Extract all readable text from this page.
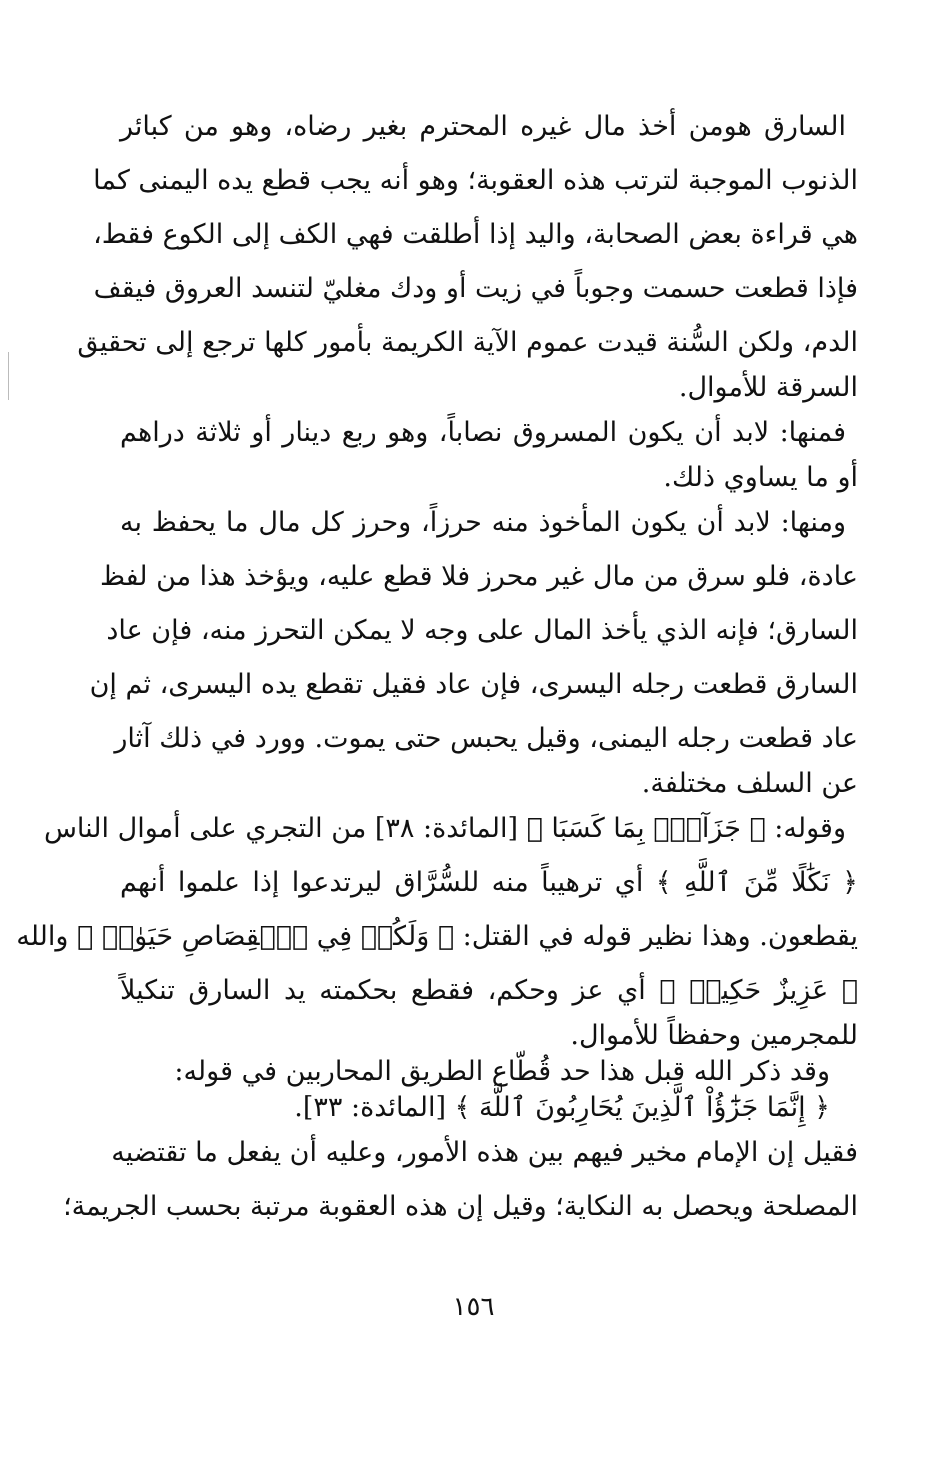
السارق هومن أخذ مال غيره المحترم بغير رضاه، وهو من كبائر
الذنوب الموجبة لترتب هذه العقوبة؛ وهو أنه يجب قطع يده اليمنى كما
هي قراءة بعض الصحابة، واليد إذا أطلقت فهي الكف إلى الكوع فقط،
فإذا قطعت حسمت وجوباً في زيت أو ودك مغليّ لتنسد العروق فيقف
الدم، ولكن السُّنة قيدت عموم الآية الكريمة بأمور كلها ترجع إلى تحقيق
السرقة للأموال.
فمنها: لابد أن يكون المسروق نصاباً، وهو ربع دينار أو ثلاثة دراهم
أو ما يساوي ذلك.
ومنها: لابد أن يكون المأخوذ منه حرزاً، وحرز كل مال ما يحفظ به
عادة، فلو سرق من مال غير محرز فلا قطع عليه، ويؤخذ هذا من لفظ
السارق؛ فإنه الذي يأخذ المال على وجه لا يمكن التحرز منه، فإن عاد
السارق قطعت رجله اليسرى، فإن عاد فقيل تقطع يده اليسرى، ثم إن
عاد قطعت رجله اليمنى، وقيل يحبس حتى يموت. وورد في ذلك آثار
عن السلف مختلفة.
وقوله: ﴿ جَزَآءَۢ بِمَا كَسَبَا ﴾ [المائدة: ٣٨] من التجري على أموال الناس
﴿ نَكَٰلًا مِّنَ ٱللَّهِ ﴾ أي ترهيباً منه للسُّرَّاق ليرتدعوا إذا علموا أنهم
يقطعون. وهذا نظير قوله في القتل: ﴿ وَلَكُمۡ فِي ٱلۡقِصَاصِ حَيَوٰةٞ ﴾ والله
﴿ عَزِيزٌ حَكِيمٞ ﴾ أي عز وحكم، فقطع بحكمته يد السارق تنكيلاً
للمجرمين وحفظاً للأموال.
وقد ذكر الله قبل هذا حد قُطّاع الطريق المحاربين في قوله:
﴿ إِنَّمَا جَزَٰٓؤُاْ ٱلَّذِينَ يُحَارِبُونَ ٱللَّهَ ﴾ [المائدة: ٣٣].
فقيل إن الإمام مخير فيهم بين هذه الأمور، وعليه أن يفعل ما تقتضيه
المصلحة ويحصل به النكاية؛ وقيل إن هذه العقوبة مرتبة بحسب الجريمة؛
١٥٦
